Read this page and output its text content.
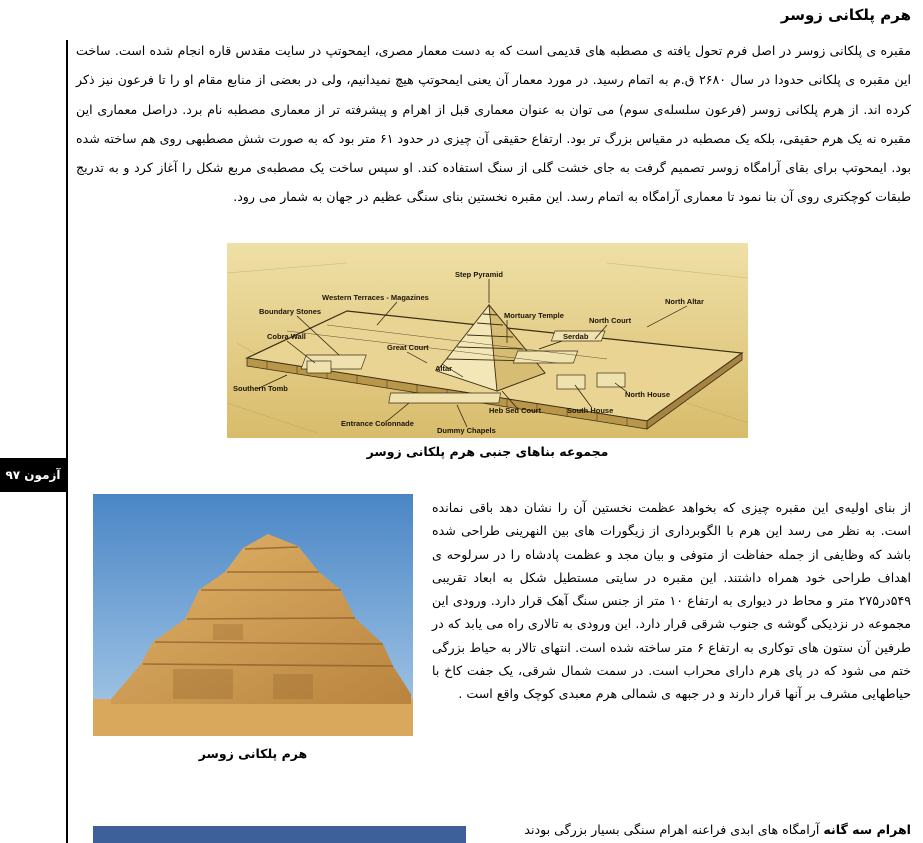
آزمون ۹۷
هرم پلکانی زوسر
مقبره ی پلکانی زوسر در اصل فرم تحول یافته ی مصطبه های قدیمی است که به دست معمار مصری، ایمحوتپ در سایت مقدس قاره انجام شده است. ساخت این مقبره ی پلکانی حدودا در سال ۲۶۸۰ ق.م به اتمام رسید. در مورد معمار آن یعنی ایمحوتپ هیچ نمیدانیم، ولی در بعضی از منابع مقام او را تا فرعون نیز ذکر کرده اند. از هرم پلکانی زوسر (فرعون سلسله‌ی سوم) می توان به عنوان معماری قبل از اهرام و پیشرفته تر از معماری مصطبه نام برد. دراصل معماری این مقبره نه یک هرم حقیقی، بلکه یک مصطبه در مقیاس بزرگ تر بود. ارتفاع حقیقی آن چیزی در حدود ۶۱ متر بود که به صورت شش مصطبهی روی هم ساخته شده بود. ایمحوتپ برای بقای آرامگاه زوسر تصمیم گرفت به جای خشت گلی از سنگ استفاده کند. او سپس ساخت یک مصطبه‌ی مربع شکل را آغاز کرد و به تدریج طبقات کوچکتری روی آن بنا نمود تا معماری آرامگاه به اتمام رسد. این مقبره نخستین بنای سنگی عظیم در جهان به شمار می رود.
Step Pyramid
Western Terraces - Magazines
Boundary Stones
Cobra Wall
Great Court
Mortuary Temple
North Court
North Altar
Serdab
Altar
Southern Tomb
North House
Heb Sed Court	South House
Entrance Colonnade
Dummy Chapels
مجموعه بناهای جنبی هرم پلکانی زوسر
هرم پلکانی زوسر
از بنای اولیه‌ی این مقبره چیزی که بخواهد عظمت نخستین آن را نشان دهد باقی نمانده است. به نظر می رسد این هرم با الگوبرداری از زیگورات های بین النهرینی طراحی شده باشد که وظایفی از جمله حفاظت از متوفی و بیان مجد و عظمت پادشاه را در سرلوحه ی اهداف طراحی خود همراه داشتند. این مقبره در سایتی مستطیل شکل به ابعاد تقریبی ۵۴۹در۲۷۵ متر و محاط در دیواری به ارتفاع ۱۰ متر از جنس سنگ آهک قرار دارد. ورودی این مجموعه در نزدیکی گوشه ی جنوب شرقی قرار دارد. این ورودی به تالاری راه می یابد که در طرفین آن ستون های توکاری به ارتفاع ۶ متر ساخته شده است. انتهای تالار به حیاط بزرگی ختم می شود که در پای هرم دارای محراب است. در سمت شمال شرقی، یک جفت کاخ با حیاطهایی مشرف بر آنها قرار دارند و در جبهه ی شمالی هرم معبدی کوچک واقع است .
اهرام سه گانه آرامگاه های ابدی فراعنه اهرام سنگی بسیار بزرگی بودند
